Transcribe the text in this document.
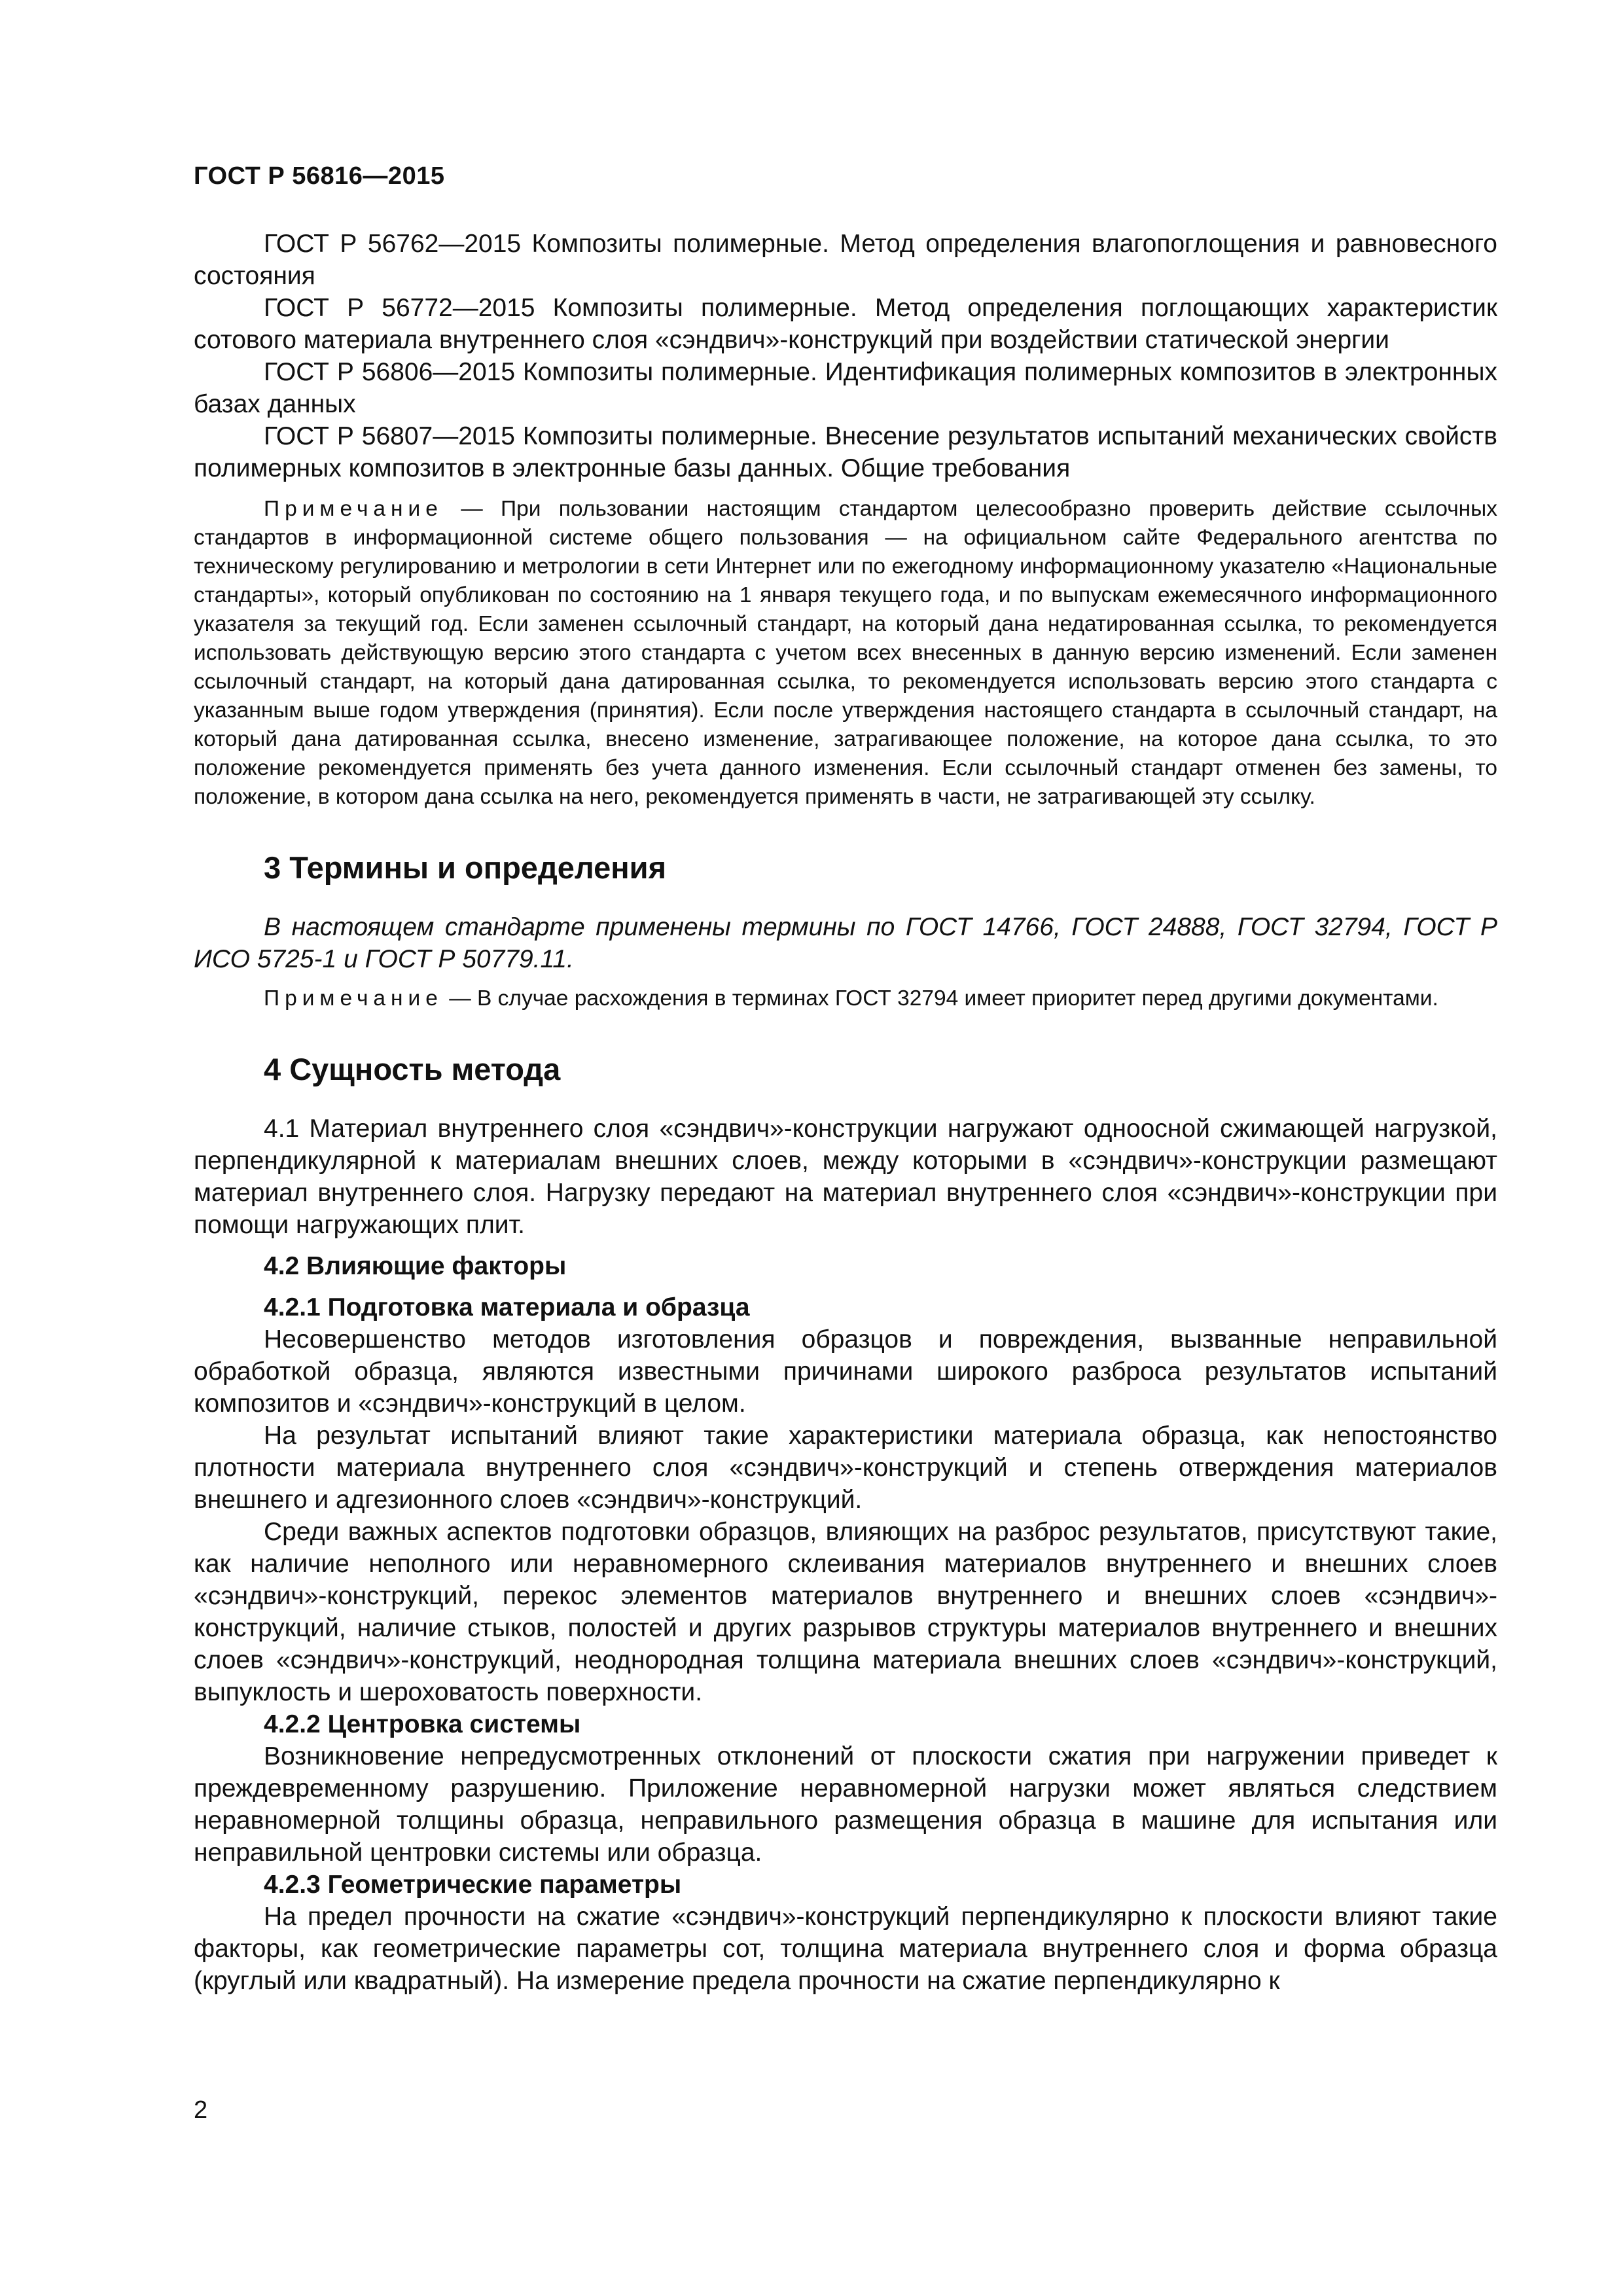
ГОСТ Р 56816—2015

ГОСТ Р 56762—2015 Композиты полимерные. Метод определения влагопоглощения и равновесного состояния

ГОСТ Р 56772—2015 Композиты полимерные. Метод определения поглощающих характеристик сотового материала внутреннего слоя «сэндвич»-конструкций при воздействии статической энергии

ГОСТ Р 56806—2015 Композиты полимерные. Идентификация полимерных композитов в электронных базах данных

ГОСТ Р 56807—2015 Композиты полимерные. Внесение результатов испытаний механических свойств полимерных композитов в электронные базы данных. Общие требования

Примечание — При пользовании настоящим стандартом целесообразно проверить действие ссылочных стандартов в информационной системе общего пользования — на официальном сайте Федерального агентства по техническому регулированию и метрологии в сети Интернет или по ежегодному информационному указателю «Национальные стандарты», который опубликован по состоянию на 1 января текущего года, и по выпускам ежемесячного информационного указателя за текущий год. Если заменен ссылочный стандарт, на который дана недатированная ссылка, то рекомендуется использовать действующую версию этого стандарта с учетом всех внесенных в данную версию изменений. Если заменен ссылочный стандарт, на который дана датированная ссылка, то рекомендуется использовать версию этого стандарта с указанным выше годом утверждения (принятия). Если после утверждения настоящего стандарта в ссылочный стандарт, на который дана датированная ссылка, внесено изменение, затрагивающее положение, на которое дана ссылка, то это положение рекомендуется применять без учета данного изменения. Если ссылочный стандарт отменен без замены, то положение, в котором дана ссылка на него, рекомендуется применять в части, не затрагивающей эту ссылку.

3 Термины и определения

В настоящем стандарте применены термины по ГОСТ 14766, ГОСТ 24888, ГОСТ 32794, ГОСТ Р ИСО 5725-1 и ГОСТ Р 50779.11.

Примечание — В случае расхождения в терминах ГОСТ 32794 имеет приоритет перед другими документами.

4 Сущность метода

4.1 Материал внутреннего слоя «сэндвич»-конструкции нагружают одноосной сжимающей нагрузкой, перпендикулярной к материалам внешних слоев, между которыми в «сэндвич»-конструкции размещают материал внутреннего слоя. Нагрузку передают на материал внутреннего слоя «сэндвич»-конструкции при помощи нагружающих плит.

4.2 Влияющие факторы

4.2.1 Подготовка материала и образца

Несовершенство методов изготовления образцов и повреждения, вызванные неправильной обработкой образца, являются известными причинами широкого разброса результатов испытаний композитов и «сэндвич»-конструкций в целом.

На результат испытаний влияют такие характеристики материала образца, как непостоянство плотности материала внутреннего слоя «сэндвич»-конструкций и степень отверждения материалов внешнего и адгезионного слоев «сэндвич»-конструкций.

Среди важных аспектов подготовки образцов, влияющих на разброс результатов, присутствуют такие, как наличие неполного или неравномерного склеивания материалов внутреннего и внешних слоев «сэндвич»-конструкций, перекос элементов материалов внутреннего и внешних слоев «сэндвич»-конструкций, наличие стыков, полостей и других разрывов структуры материалов внутреннего и внешних слоев «сэндвич»-конструкций, неоднородная толщина материала внешних слоев «сэндвич»-конструкций, выпуклость и шероховатость поверхности.

4.2.2 Центровка системы

Возникновение непредусмотренных отклонений от плоскости сжатия при нагружении приведет к преждевременному разрушению. Приложение неравномерной нагрузки может являться следствием неравномерной толщины образца, неправильного размещения образца в машине для испытания или неправильной центровки системы или образца.

4.2.3 Геометрические параметры

На предел прочности на сжатие «сэндвич»-конструкций перпендикулярно к плоскости влияют такие факторы, как геометрические параметры сот, толщина материала внутреннего слоя и форма образца (круглый или квадратный). На измерение предела прочности на сжатие перпендикулярно к

2
